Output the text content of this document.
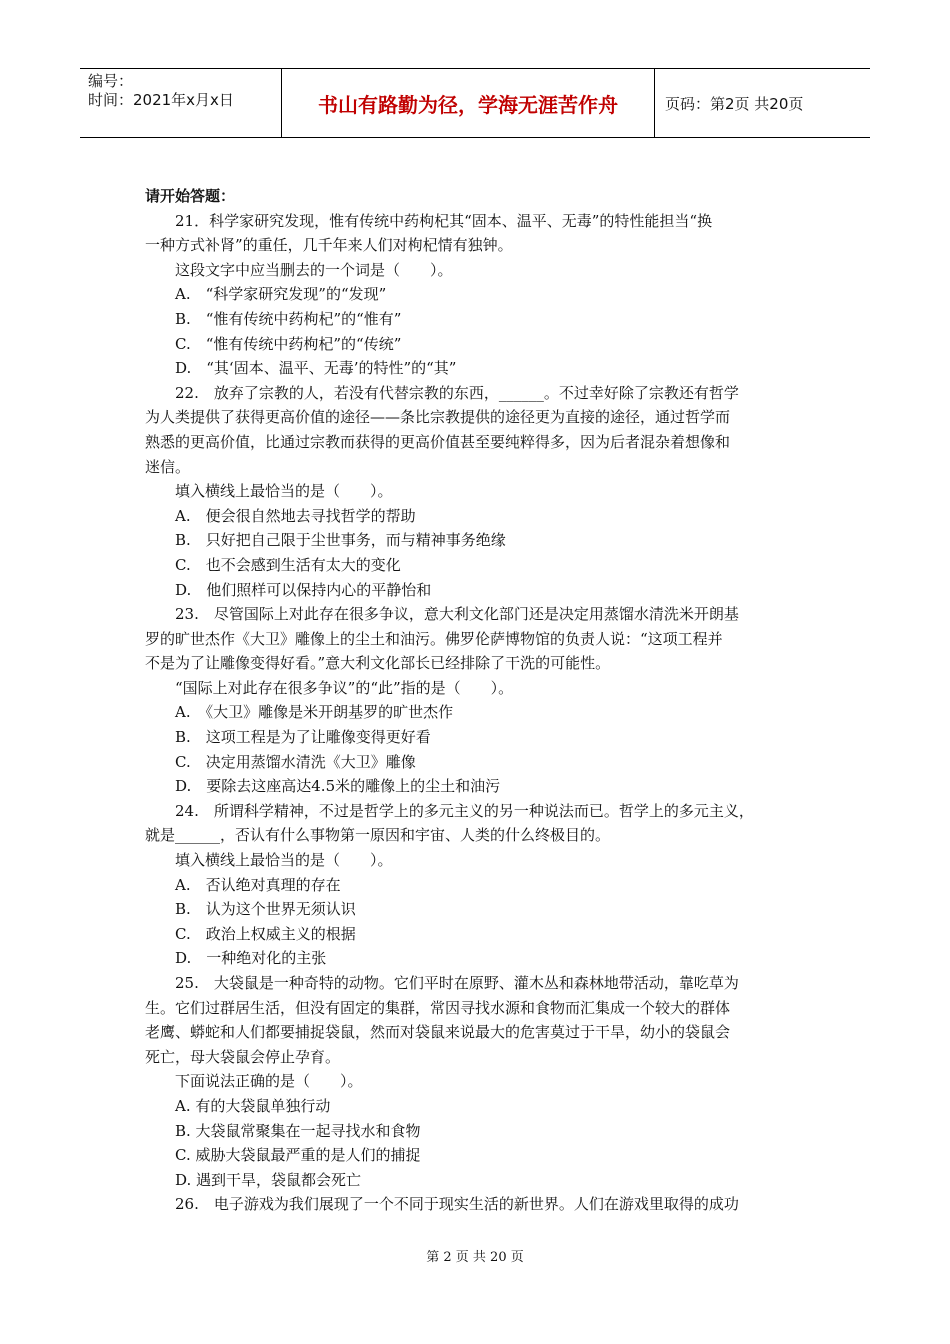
编号：
时间：2021年x月x日	书山有路勤为径，学海无涯苦作舟	页码：第2页 共20页
请开始答题：
21．科学家研究发现，惟有传统中药枸杞其“固本、温平、无毒”的特性能担当“换
一种方式补肾”的重任，几千年来人们对枸杞情有独钟。
这段文字中应当删去的一个词是（　　）。
A.　“科学家研究发现”的“发现”
B.　“惟有传统中药枸杞”的“惟有”
C.　“惟有传统中药枸杞”的“传统”
D.　“其‘固本、温平、无毒’的特性”的“其”
22.　放弃了宗教的人，若没有代替宗教的东西，______。不过幸好除了宗教还有哲学
为人类提供了获得更高价值的途径——条比宗教提供的途径更为直接的途径，通过哲学而
熟悉的更高价值，比通过宗教而获得的更高价值甚至要纯粹得多，因为后者混杂着想像和
迷信。
填入横线上最恰当的是（　　）。
A.　便会很自然地去寻找哲学的帮助
B.　只好把自己限于尘世事务，而与精神事务绝缘
C.　也不会感到生活有太大的变化
D.　他们照样可以保持内心的平静怡和
23.　尽管国际上对此存在很多争议，意大利文化部门还是决定用蒸馏水清洗米开朗基
罗的旷世杰作《大卫》雕像上的尘土和油污。佛罗伦萨博物馆的负责人说：“这项工程并
不是为了让雕像变得好看。”意大利文化部长已经排除了干洗的可能性。
“国际上对此存在很多争议”的“此”指的是（　　）。
A.　《大卫》雕像是米开朗基罗的旷世杰作
B.　这项工程是为了让雕像变得更好看
C.　决定用蒸馏水清洗《大卫》雕像
D.　要除去这座高达4.5米的雕像上的尘土和油污
24.　所谓科学精神，不过是哲学上的多元主义的另一种说法而已。哲学上的多元主义，
就是______，否认有什么事物第一原因和宇宙、人类的什么终极目的。
填入横线上最恰当的是（　　）。
A.　否认绝对真理的存在
B.　认为这个世界无须认识
C.　政治上权威主义的根据
D.　一种绝对化的主张
25.　大袋鼠是一种奇特的动物。它们平时在原野、灌木丛和森林地带活动，靠吃草为
生。它们过群居生活，但没有固定的集群，常因寻找水源和食物而汇集成一个较大的群体
老鹰、蟒蛇和人们都要捕捉袋鼠，然而对袋鼠来说最大的危害莫过于干旱，幼小的袋鼠会
死亡，母大袋鼠会停止孕育。
下面说法正确的是（　　）。
A. 有的大袋鼠单独行动
B. 大袋鼠常聚集在一起寻找水和食物
C. 威胁大袋鼠最严重的是人们的捕捉
D. 遇到干旱，袋鼠都会死亡
26.　电子游戏为我们展现了一个不同于现实生活的新世界。人们在游戏里取得的成功
第 2 页 共 20 页
